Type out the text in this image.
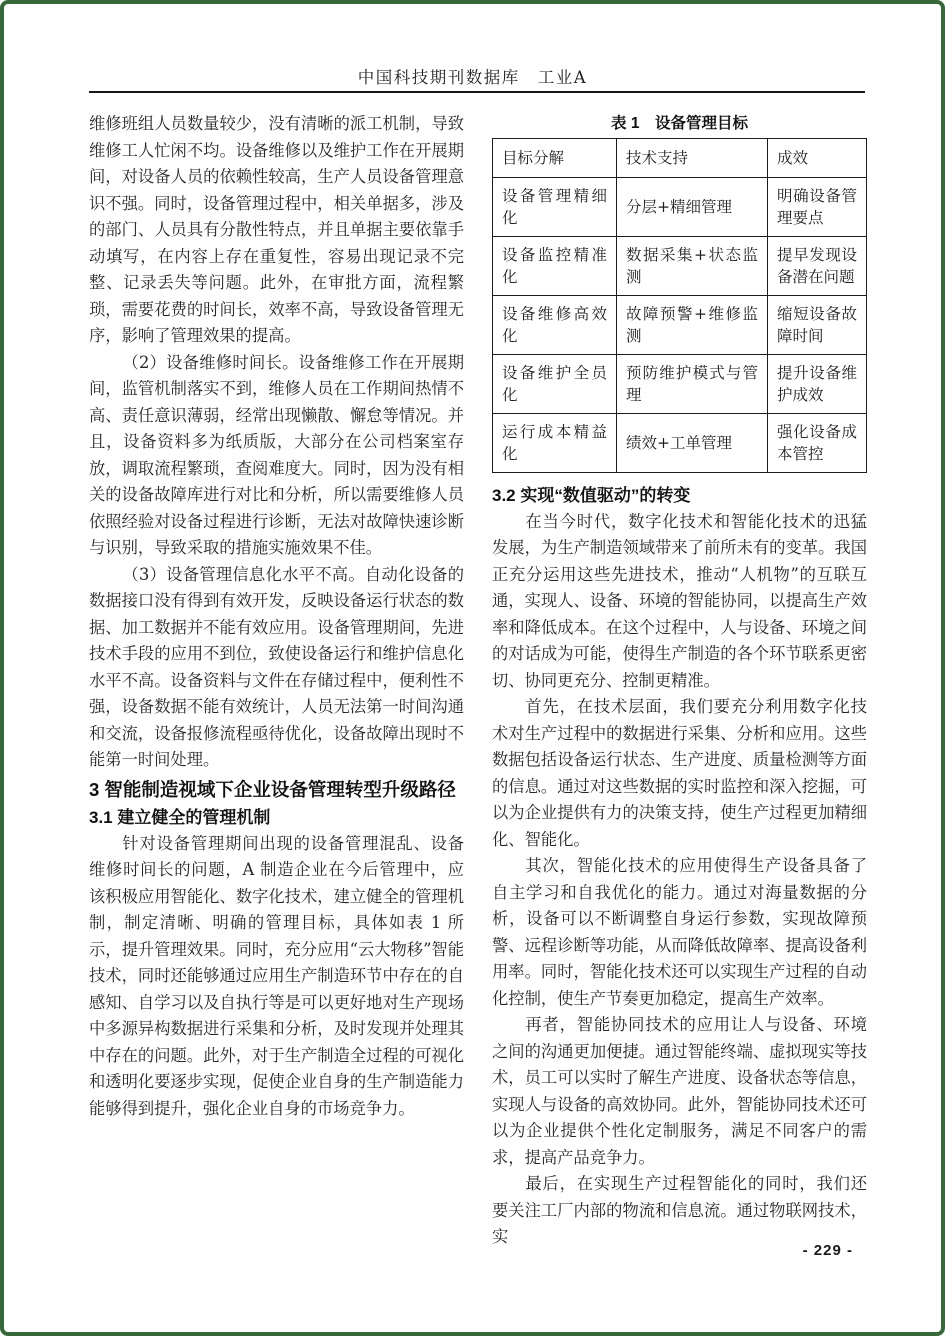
中国科技期刊数据库　工业A

维修班组人员数量较少，没有清晰的派工机制，导致维修工人忙闲不均。设备维修以及维护工作在开展期间，对设备人员的依赖性较高，生产人员设备管理意识不强。同时，设备管理过程中，相关单据多，涉及的部门、人员具有分散性特点，并且单据主要依靠手动填写，在内容上存在重复性，容易出现记录不完整、记录丢失等问题。此外，在审批方面，流程繁琐，需要花费的时间长，效率不高，导致设备管理无序，影响了管理效果的提高。

（2）设备维修时间长。设备维修工作在开展期间，监管机制落实不到，维修人员在工作期间热情不高、责任意识薄弱，经常出现懒散、懈怠等情况。并且，设备资料多为纸质版，大部分在公司档案室存放，调取流程繁琐，查阅难度大。同时，因为没有相关的设备故障库进行对比和分析，所以需要维修人员依照经验对设备过程进行诊断，无法对故障快速诊断与识别，导致采取的措施实施效果不佳。

（3）设备管理信息化水平不高。自动化设备的数据接口没有得到有效开发，反映设备运行状态的数据、加工数据并不能有效应用。设备管理期间，先进技术手段的应用不到位，致使设备运行和维护信息化水平不高。设备资料与文件在存储过程中，便利性不强，设备数据不能有效统计，人员无法第一时间沟通和交流，设备报修流程亟待优化，设备故障出现时不能第一时间处理。

3 智能制造视域下企业设备管理转型升级路径

3.1 建立健全的管理机制

针对设备管理期间出现的设备管理混乱、设备维修时间长的问题，A 制造企业在今后管理中，应该积极应用智能化、数字化技术，建立健全的管理机制，制定清晰、明确的管理目标，具体如表 1 所示，提升管理效果。同时，充分应用“云大物移”智能技术，同时还能够通过应用生产制造环节中存在的自感知、自学习以及自执行等是可以更好地对生产现场中多源异构数据进行采集和分析，及时发现并处理其中存在的问题。此外，对于生产制造全过程的可视化和透明化要逐步实现，促使企业自身的生产制造能力能够得到提升，强化企业自身的市场竞争力。

表 1　设备管理目标

目标分解	技术支持	成效
设备管理精细化	分层+精细管理	明确设备管理要点
设备监控精准化	数据采集+状态监测	提早发现设备潜在问题
设备维修高效化	故障预警+维修监测	缩短设备故障时间
设备维护全员化	预防维护模式与管理	提升设备维护成效
运行成本精益化	绩效+工单管理	强化设备成本管控

3.2 实现“数值驱动”的转变

在当今时代，数字化技术和智能化技术的迅猛发展，为生产制造领域带来了前所未有的变革。我国正充分运用这些先进技术，推动“人机物”的互联互通，实现人、设备、环境的智能协同，以提高生产效率和降低成本。在这个过程中，人与设备、环境之间的对话成为可能，使得生产制造的各个环节联系更密切、协同更充分、控制更精准。

首先，在技术层面，我们要充分利用数字化技术对生产过程中的数据进行采集、分析和应用。这些数据包括设备运行状态、生产进度、质量检测等方面的信息。通过对这些数据的实时监控和深入挖掘，可以为企业提供有力的决策支持，使生产过程更加精细化、智能化。

其次，智能化技术的应用使得生产设备具备了自主学习和自我优化的能力。通过对海量数据的分析，设备可以不断调整自身运行参数，实现故障预警、远程诊断等功能，从而降低故障率、提高设备利用率。同时，智能化技术还可以实现生产过程的自动化控制，使生产节奏更加稳定，提高生产效率。

再者，智能协同技术的应用让人与设备、环境之间的沟通更加便捷。通过智能终端、虚拟现实等技术，员工可以实时了解生产进度、设备状态等信息，实现人与设备的高效协同。此外，智能协同技术还可以为企业提供个性化定制服务，满足不同客户的需求，提高产品竞争力。

最后，在实现生产过程智能化的同时，我们还要关注工厂内部的物流和信息流。通过物联网技术，实

- 229 -
